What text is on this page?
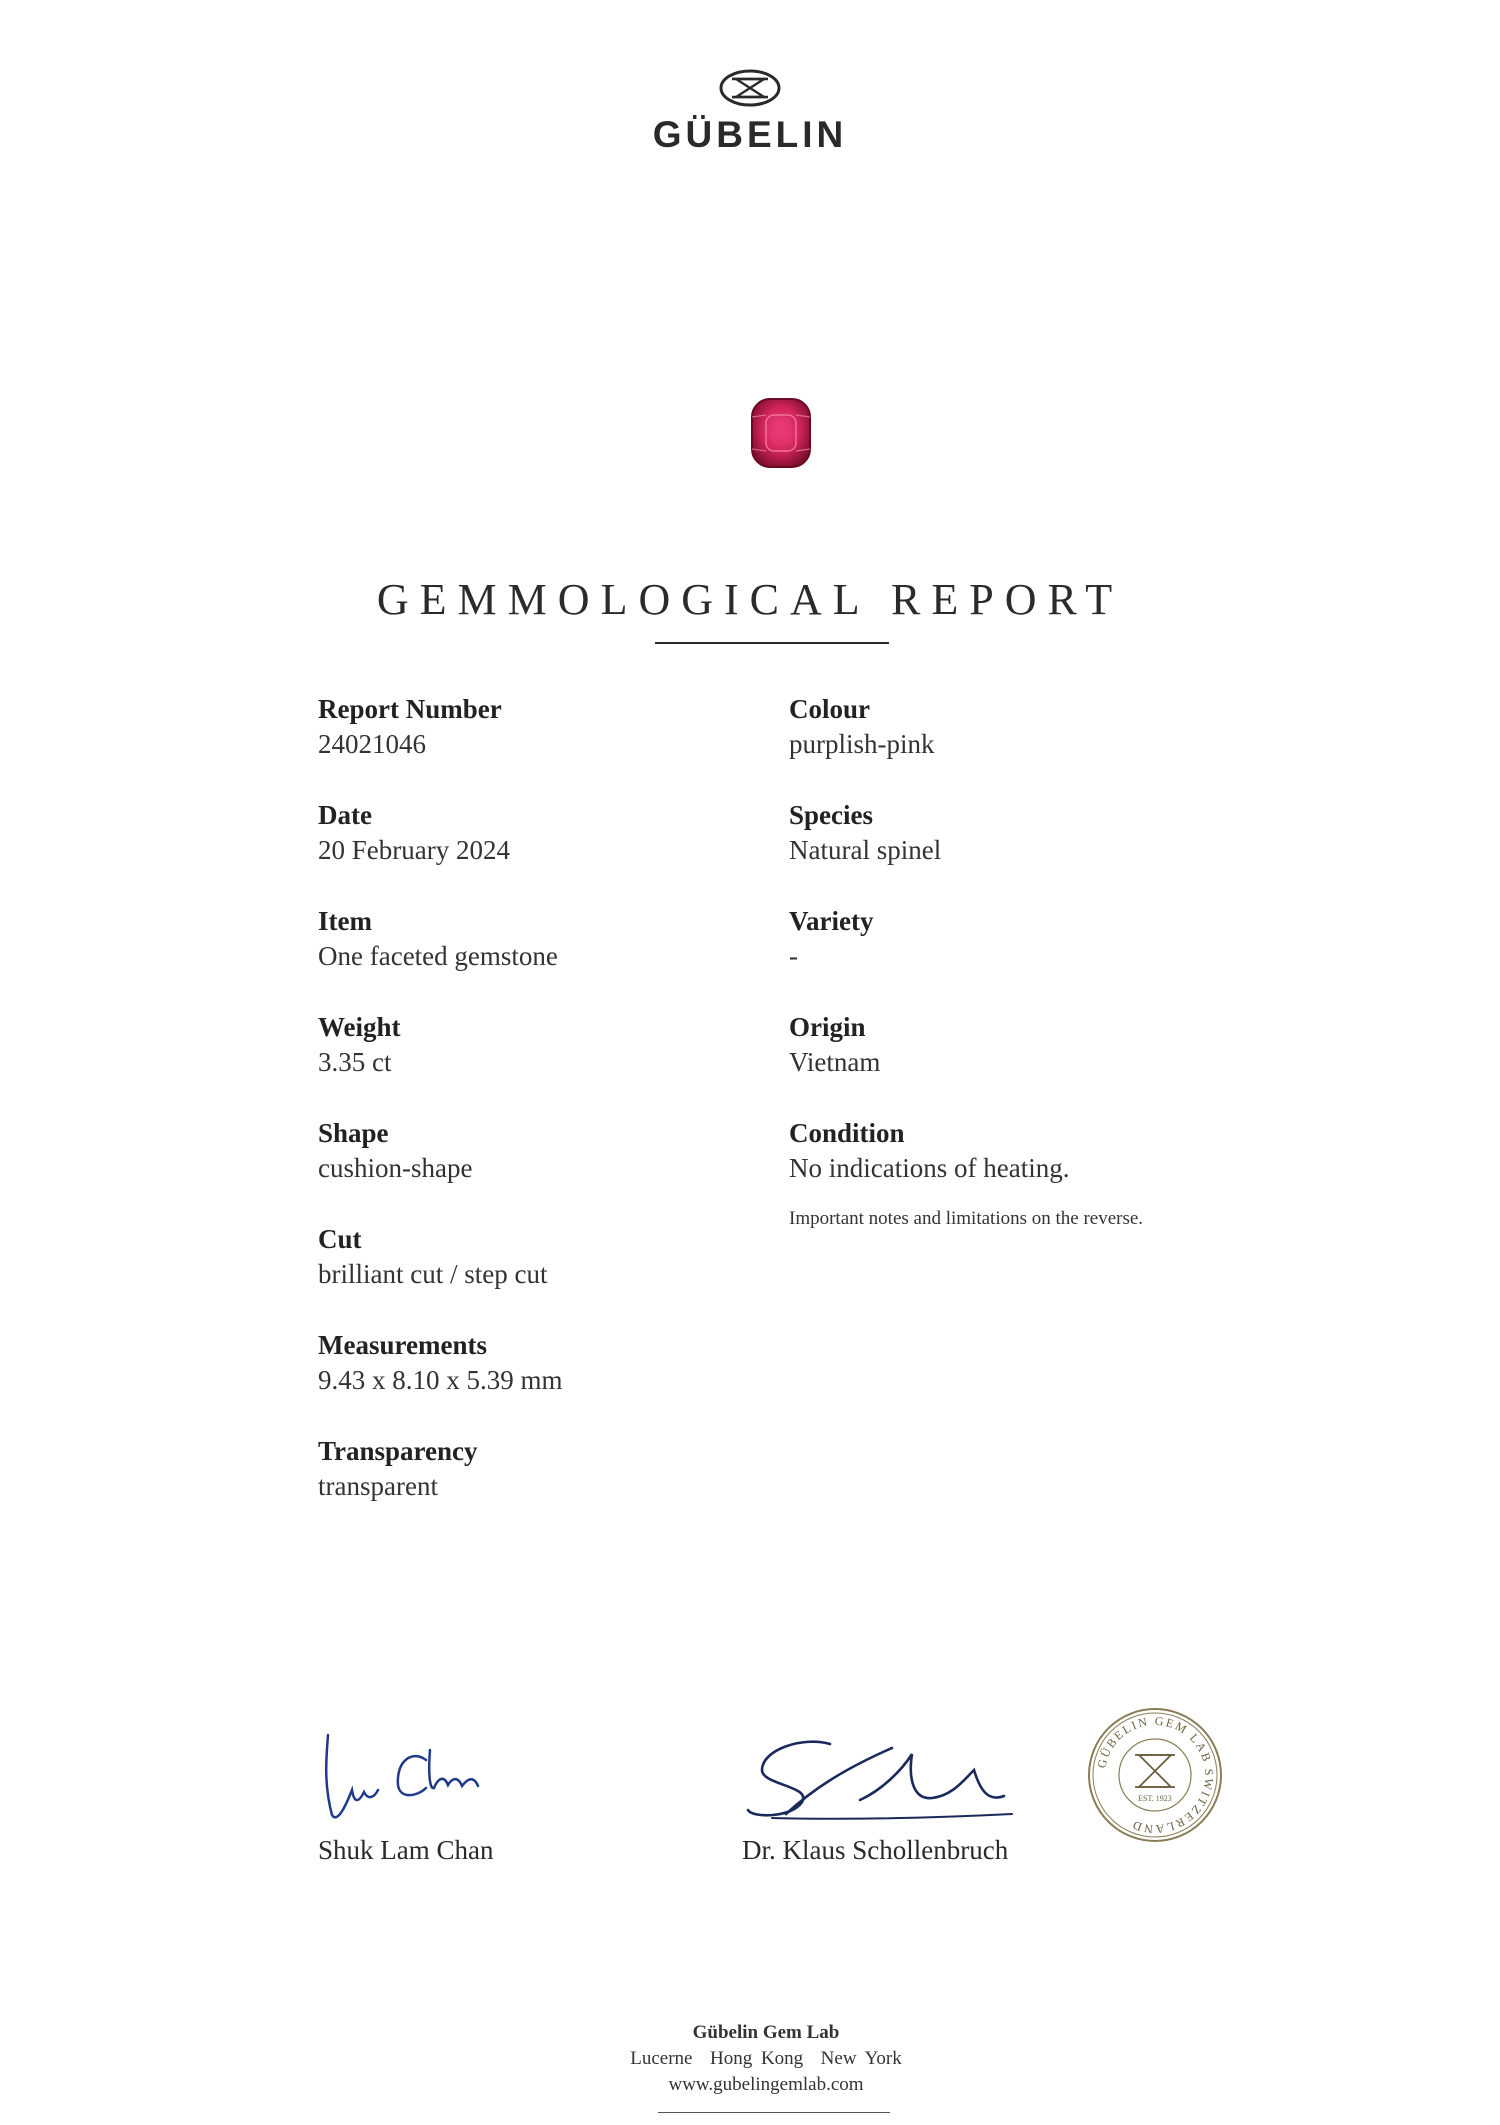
GÜBELIN
GEMMOLOGICAL REPORT
Report Number
24021046
Date
20 February 2024
Item
One faceted gemstone
Weight
3.35 ct
Shape
cushion-shape
Cut
brilliant cut / step cut
Measurements
9.43 x 8.10 x 5.39 mm
Transparency
transparent
Colour
purplish-pink
Species
Natural spinel
Variety
-
Origin
Vietnam
Condition
No indications of heating.
Important notes and limitations on the reverse.
Shuk Lam Chan	Dr. Klaus Schollenbruch
GÜBELIN GEM LAB SWITZERLAND
EST. 1923
Gübelin Gem Lab
Lucerne  Hong Kong  New York
www.gubelingemlab.com
